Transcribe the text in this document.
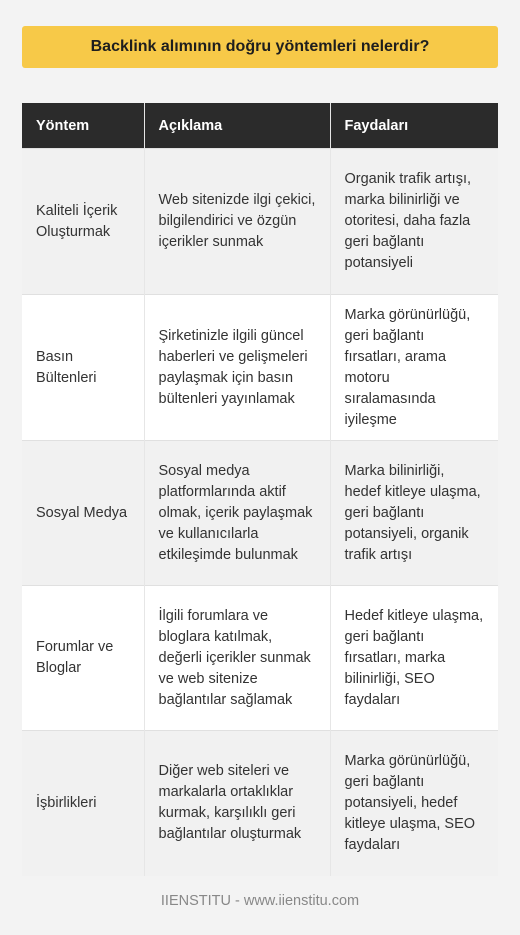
Backlink alımının doğru yöntemleri nelerdir?
Yöntem	Açıklama	Faydaları
Kaliteli İçerik Oluşturmak	Web sitenizde ilgi çekici, bilgilendirici ve özgün içerikler sunmak	Organik trafik artışı, marka bilinirliği ve otoritesi, daha fazla geri bağlantı potansiyeli
Basın Bültenleri	Şirketinizle ilgili güncel haberleri ve gelişmeleri paylaşmak için basın bültenleri yayınlamak	Marka görünürlüğü, geri bağlantı fırsatları, arama motoru sıralamasında iyileşme
Sosyal Medya	Sosyal medya platformlarında aktif olmak, içerik paylaşmak ve kullanıcılarla etkileşimde bulunmak	Marka bilinirliği, hedef kitleye ulaşma, geri bağlantı potansiyeli, organik trafik artışı
Forumlar ve Bloglar	İlgili forumlara ve bloglara katılmak, değerli içerikler sunmak ve web sitenize bağlantılar sağlamak	Hedef kitleye ulaşma, geri bağlantı fırsatları, marka bilinirliği, SEO faydaları
İşbirlikleri	Diğer web siteleri ve markalarla ortaklıklar kurmak, karşılıklı geri bağlantılar oluşturmak	Marka görünürlüğü, geri bağlantı potansiyeli, hedef kitleye ulaşma, SEO faydaları
IIENSTITU - www.iienstitu.com
